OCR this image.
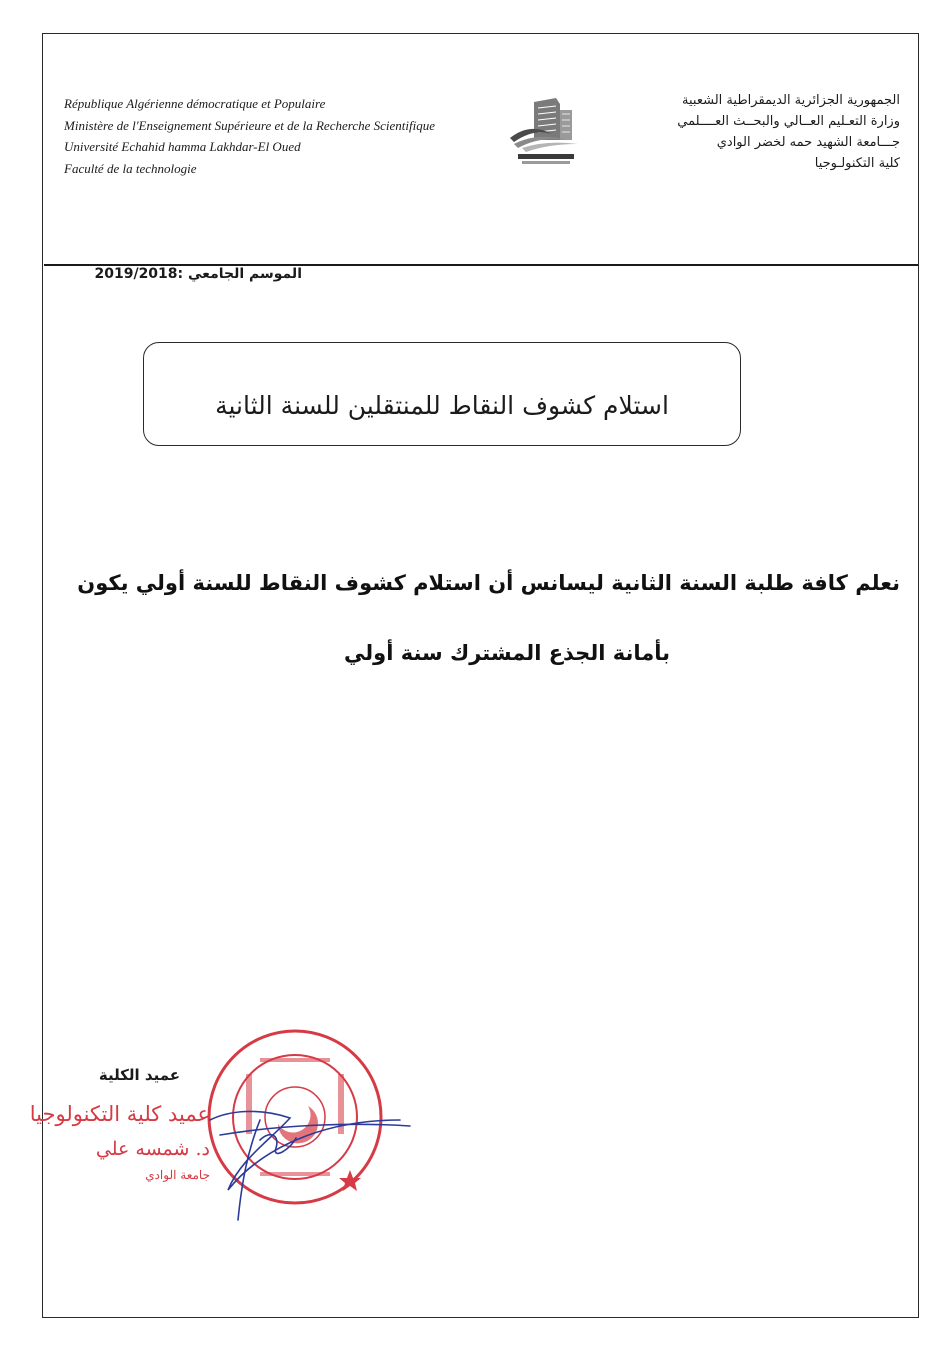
République Algérienne démocratique et Populaire
Ministère de l'Enseignement Supérieure et de la Recherche Scientifique
Université Echahid hamma Lakhdar-El Oued
Faculté de la technologie
الجمهورية الجزائرية الديمقراطية الشعبية
وزارة التعـليم العــالي والبحــث العــــلمي
جـــامعة الشهيد حمه لخضر الوادي
كلية التكنولـوجيا
الموسم الجامعي :2019/2018
استلام كشوف النقاط للمنتقلين للسنة الثانية
نعلم كافة طلبة السنة الثانية ليسانس أن استلام كشوف النقاط للسنة أولي يكون
بأمانة الجذع المشترك سنة أولي
عميد الكلية
عميد كلية التكنولوجيا
د. شمسه علي
جامعة الوادي
